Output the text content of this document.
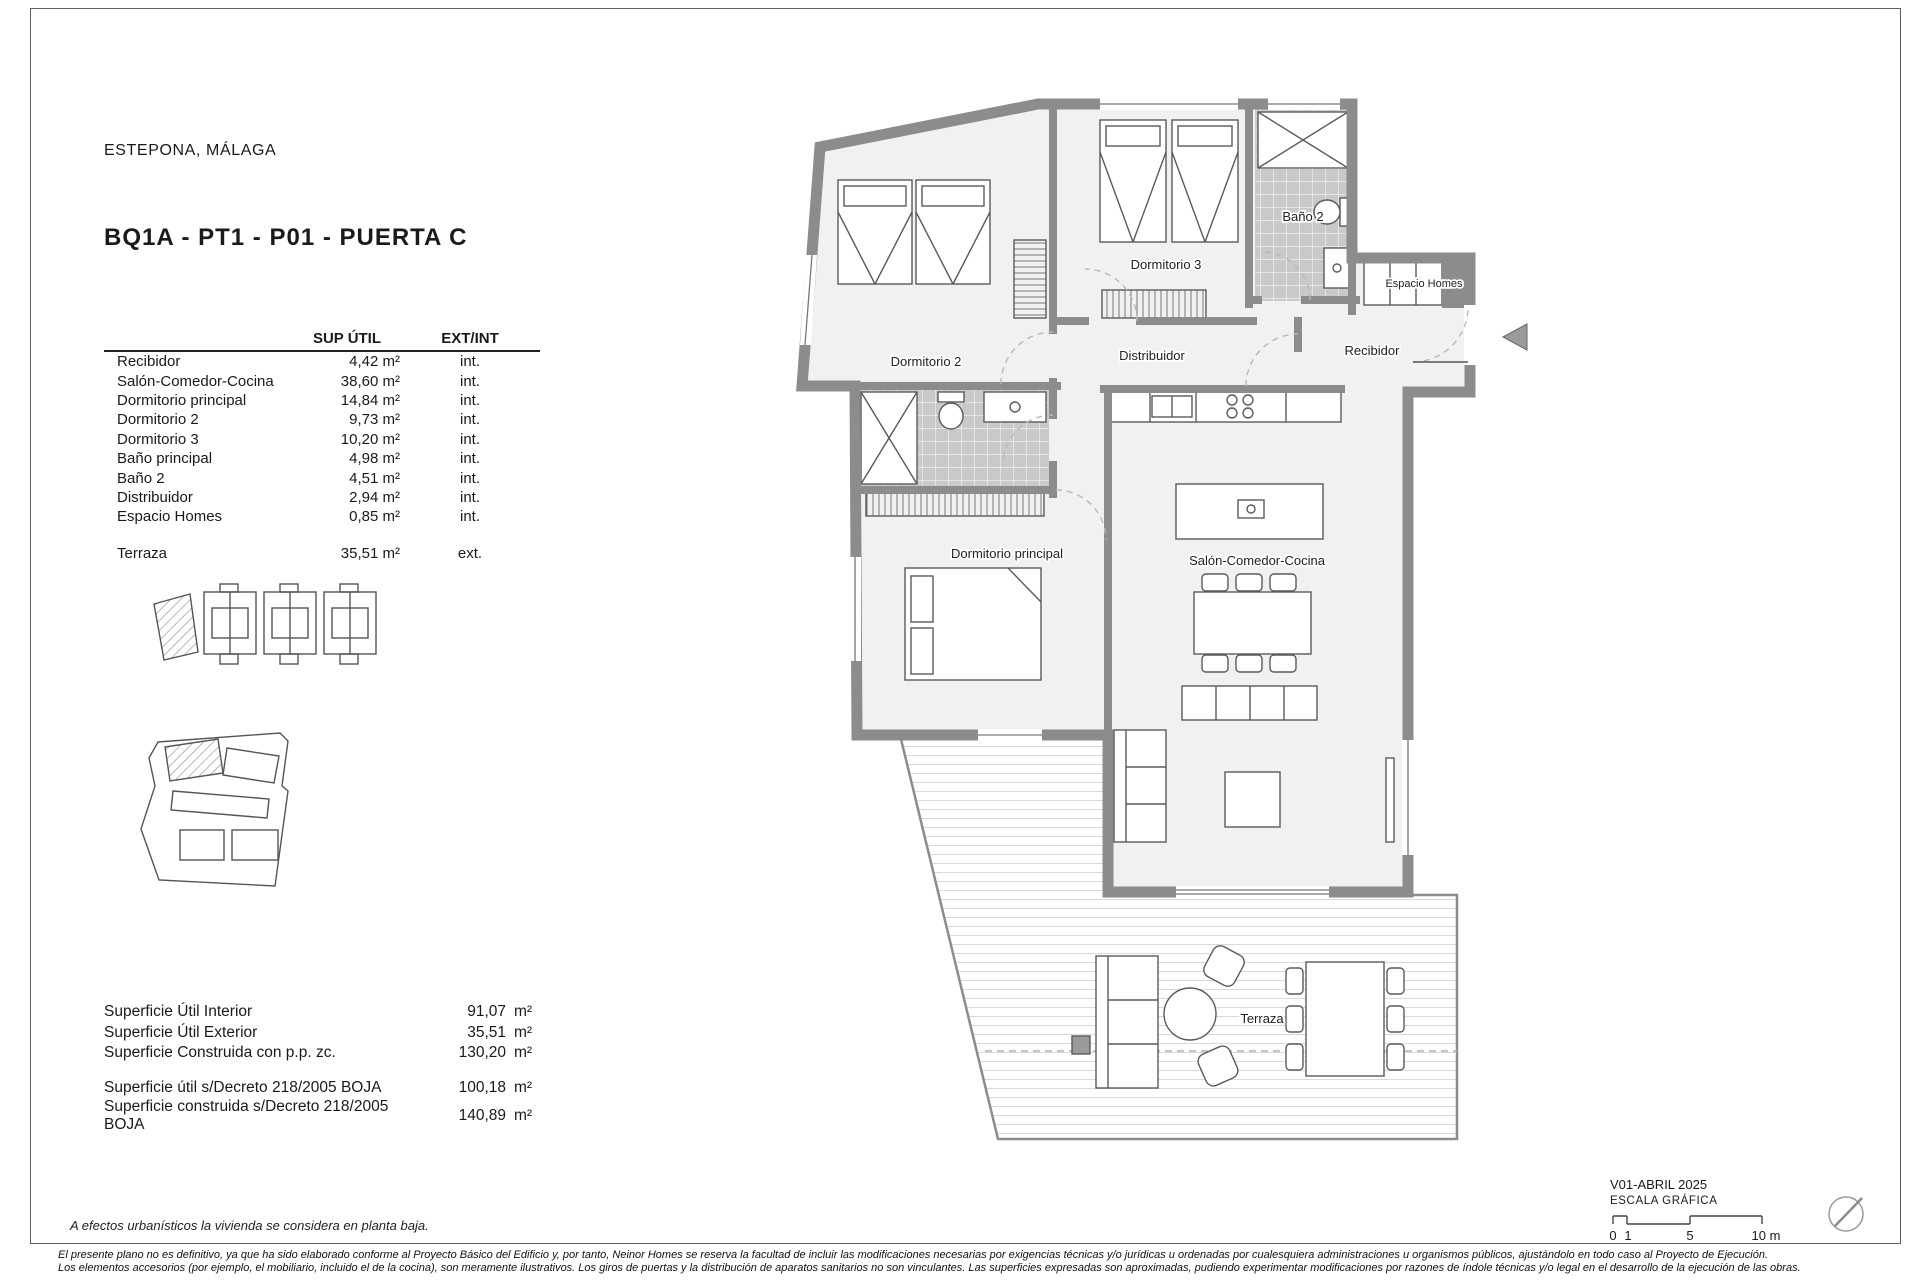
ESTEPONA, MÁLAGA
BQ1A - PT1 - P01 - PUERTA C
SUP ÚTIL	EXT/INT
Recibidor	4,42 m²	int.
Salón-Comedor-Cocina	38,60 m²	int.
Dormitorio principal	14,84 m²	int.
Dormitorio 2	9,73 m²	int.
Dormitorio 3	10,20 m²	int.
Baño principal	4,98 m²	int.
Baño 2	4,51 m²	int.
Distribuidor	2,94 m²	int.
Espacio Homes	0,85 m²	int.
Terraza	35,51 m²	ext.
Superficie Útil Interior	91,07 m²
Superficie Útil Exterior	35,51 m²
Superficie Construida con p.p. zc.	130,20 m²
Superficie útil s/Decreto 218/2005 BOJA	100,18 m²
Superficie construida s/Decreto 218/2005 BOJA
140,89 m²
Dormitorio 2
Dormitorio 3
Baño 2
Espacio Homes
Distribuidor	Recibidor
Dormitorio principal	Salón-Comedor-Cocina
Terraza
V01-ABRIL 2025
ESCALA GRÁFICA
0 1	5	10 m
A efectos urbanísticos la vivienda se considera en planta baja.
El presente plano no es definitivo, ya que ha sido elaborado conforme al Proyecto Básico del Edificio y, por tanto, Neinor Homes se reserva la facultad de incluir las modificaciones necesarias por exigencias técnicas y/o jurídicas u ordenadas por cualesquiera administraciones u organismos públicos, ajustándolo en todo caso al Proyecto de Ejecución.
Los elementos accesorios (por ejemplo, el mobiliario, incluido el de la cocina), son meramente ilustrativos. Los giros de puertas y la distribución de aparatos sanitarios no son vinculantes. Las superficies expresadas son aproximadas, pudiendo experimentar modificaciones por razones de índole técnicas y/o legal en el desarrollo de la ejecución de las obras.
